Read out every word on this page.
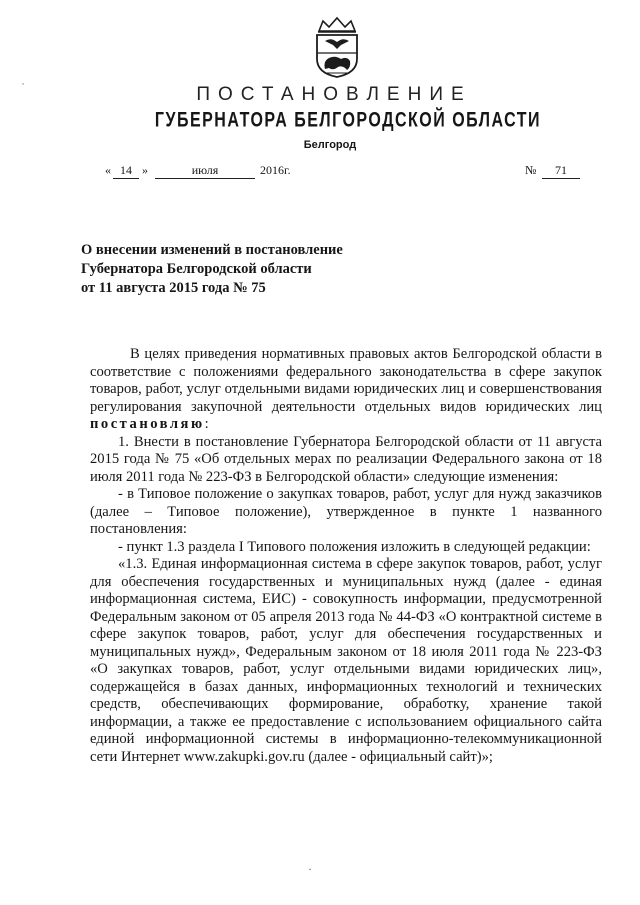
ПОСТАНОВЛЕНИЕ
ГУБЕРНАТОРА БЕЛГОРОДСКОЙ ОБЛАСТИ
Белгород
« 14 »	июля	2016г.	№	71
О внесении изменений в постановление
Губернатора Белгородской области
от 11 августа 2015 года № 75

В целях приведения нормативных правовых актов Белгородской области в соответствие с положениями федерального законодательства в сфере закупок товаров, работ, услуг отдельными видами юридических лиц и совершенствования регулирования закупочной деятельности отдельных видов юридических лиц постановляю:

1. Внести в постановление Губернатора Белгородской области от 11 августа 2015 года № 75 «Об отдельных мерах по реализации Федерального закона от 18 июля 2011 года № 223-ФЗ в Белгородской области» следующие изменения:

- в Типовое положение о закупках товаров, работ, услуг для нужд заказчиков (далее – Типовое положение), утвержденное в пункте 1 названного постановления:

- пункт 1.3 раздела I Типового положения изложить в следующей редакции:

«1.3. Единая информационная система в сфере закупок товаров, работ, услуг для обеспечения государственных и муниципальных нужд (далее - единая информационная система, ЕИС) - совокупность информации, предусмотренной Федеральным законом от 05 апреля 2013 года № 44-ФЗ «О контрактной системе в сфере закупок товаров, работ, услуг для обеспечения государственных и муниципальных нужд», Федеральным законом от 18 июля 2011 года № 223-ФЗ «О закупках товаров, работ, услуг отдельными видами юридических лиц», содержащейся в базах данных, информационных технологий и технических средств, обеспечивающих формирование, обработку, хранение такой информации, а также ее предоставление с использованием официального сайта единой информационной системы в информационно-телекоммуникационной сети Интернет www.zakupki.gov.ru (далее - официальный сайт)»;

˙
·
